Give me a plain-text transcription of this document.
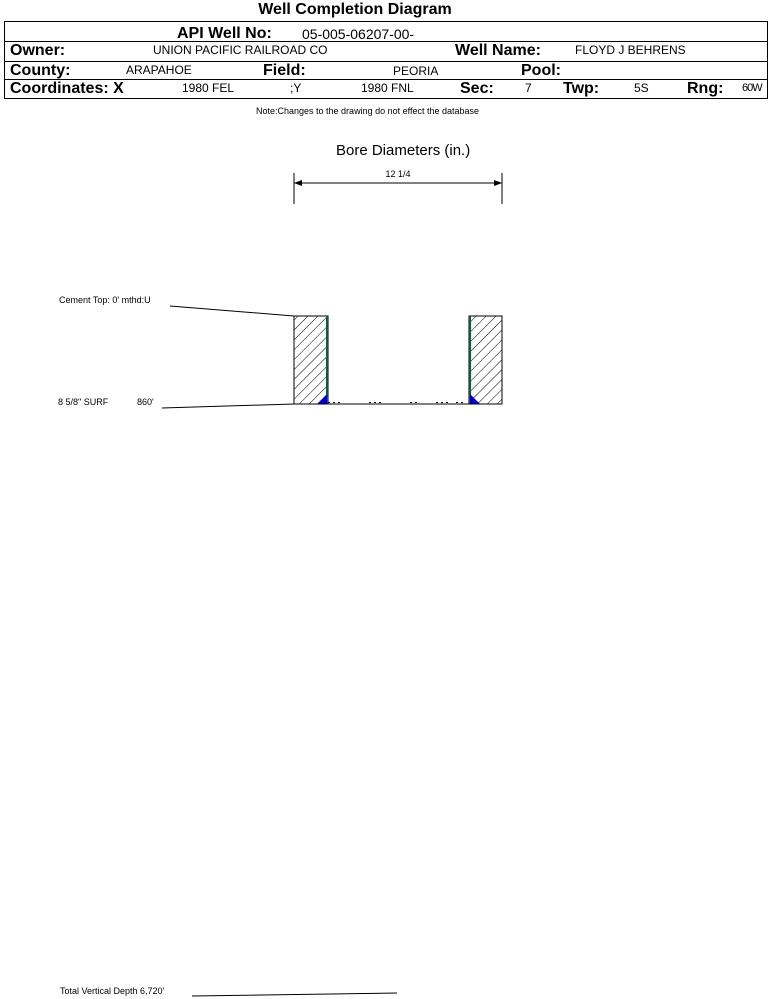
Well Completion Diagram
API Well No: 05-005-06207-00-
Owner:	UNION PACIFIC RAILROAD CO	Well Name:	FLOYD J BEHRENS
County:	ARAPAHOE	Field:	PEORIA	Pool:
Coordinates: X	1980 FEL	;Y	1980 FNL	Sec:	7 Twp:	5S Rng: 60W
Note:Changes to the drawing do not effect the database
Bore Diameters (in.)
12 1/4
Cement Top: 0' mthd:U
8 5/8" SURF	860'
Total Vertical Depth 6,720'
